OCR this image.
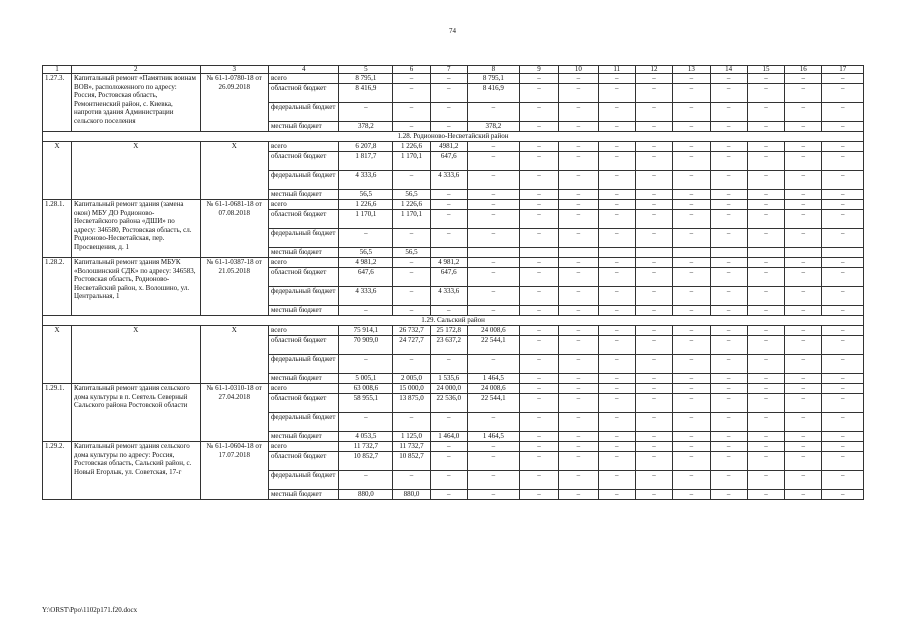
74
1	2	3	4	5	6	7	8	9	10	11	12	13	14	15	16	17
1.27.3.	Капитальный ремонт «Памятник воинам ВОВ», расположенного по адресу: Россия, Ростовская область, Ремонтненский район, с. Киевка, напротив здания Администрации сельского поселения	№ 61-1-0780-18 от 26.09.2018	всего	8 795,1	–	–	8 795,1	–	–	–	–	–	–	–	–	–
			областной бюджет	8 416,9	–	–	8 416,9	–	–	–	–	–	–	–	–	–
			федеральный бюджет	–	–	–	–	–	–	–	–	–	–	–	–	–
			местный бюджет	378,2	–	–	378,2	–	–	–	–	–	–	–	–	–
1.28. Родионово-Несветайский район																
Х	Х	Х	всего	6 207,8	1 226,6	4981,2	–	–	–	–	–	–	–	–	–	–
			областной бюджет	1 817,7	1 170,1	647,6	–	–	–	–	–	–	–	–	–	–
			федеральный бюджет	4 333,6	–	4 333,6	–	–	–	–	–	–	–	–	–	–
			местный бюджет	56,5	56,5	–	–	–	–	–	–	–	–	–	–	–
1.28.1.	Капитальный ремонт здания (замена окон) МБУ ДО Родионово-Несветайского района «ДШИ» по адресу: 346580, Ростовская область, сл. Родионово-Несветайская, пер. Просвещения, д. 1	№ 61-1-0681-18 от 07.08.2018	всего	1 226,6	1 226,6	–	–	–	–	–	–	–	–	–	–	–
			областной бюджет	1 170,1	1 170,1	–	–	–	–	–	–	–	–	–	–	–
			федеральный бюджет	–	–	–	–	–	–	–	–	–	–	–	–	–
			местный бюджет	56,5	56,5											
1.28.2.	Капитальный ремонт здания МБУК «Волошинский СДК» по адресу: 346583, Ростовская область, Родионово-Несветайский район, х. Волошино, ул. Центральная, 1	№ 61-1-0387-18 от 21.05.2018	всего	4 981,2	–	4 981,2	–	–	–	–	–	–	–	–	–	–
			областной бюджет	647,6	–	647,6	–	–	–	–	–	–	–	–	–	–
			федеральный бюджет	4 333,6	–	4 333,6	–	–	–	–	–	–	–	–	–	–
			местный бюджет	–	–	–	–	–	–	–	–	–	–	–	–	–
1.29. Сальский район																
Х	Х	Х	всего	75 914,1	26 732,7	25 172,8	24 008,6	–	–	–	–	–	–	–	–	–
			областной бюджет	70 909,0	24 727,7	23 637,2	22 544,1	–	–	–	–	–	–	–	–	–
			федеральный бюджет	–	–	–	–	–	–	–	–	–	–	–	–	–
			местный бюджет	5 005,1	2 005,0	1 535,6	1 464,5	–	–	–	–	–	–	–	–	–
1.29.1.	Капитальный ремонт здания сельского дома культуры в п. Сеятель Северный Сальского района Ростовской области	№ 61-1-0310-18 от 27.04.2018	всего	63 008,6	15 000,0	24 000,0	24 008,6	–	–	–	–	–	–	–	–	–
			областной бюджет	58 955,1	13 875,0	22 536,0	22 544,1	–	–	–	–	–	–	–	–	–
			федеральный бюджет	–	–	–	–	–	–	–	–	–	–	–	–	–
			местный бюджет	4 053,5	1 125,0	1 464,0	1 464,5	–	–	–	–	–	–	–	–	–
1.29.2.	Капитальный ремонт здания сельского дома культуры по адресу: Россия, Ростовская область, Сальский район, с. Новый Егорлык, ул. Советская, 17-г	№ 61-1-0604-18 от 17.07.2018	всего	11 732,7	11 732,7	–	–	–	–	–	–	–	–	–	–	–
			областной бюджет	10 852,7	10 852,7	–	–	–	–	–	–	–	–	–	–	–
			федеральный бюджет	–	–	–	–	–	–	–	–	–	–	–	–	–
			местный бюджет	880,0	880,0	–	–	–	–	–	–	–	–	–	–	–
Y:\ORST\Ppo\1102p171.f20.docx
